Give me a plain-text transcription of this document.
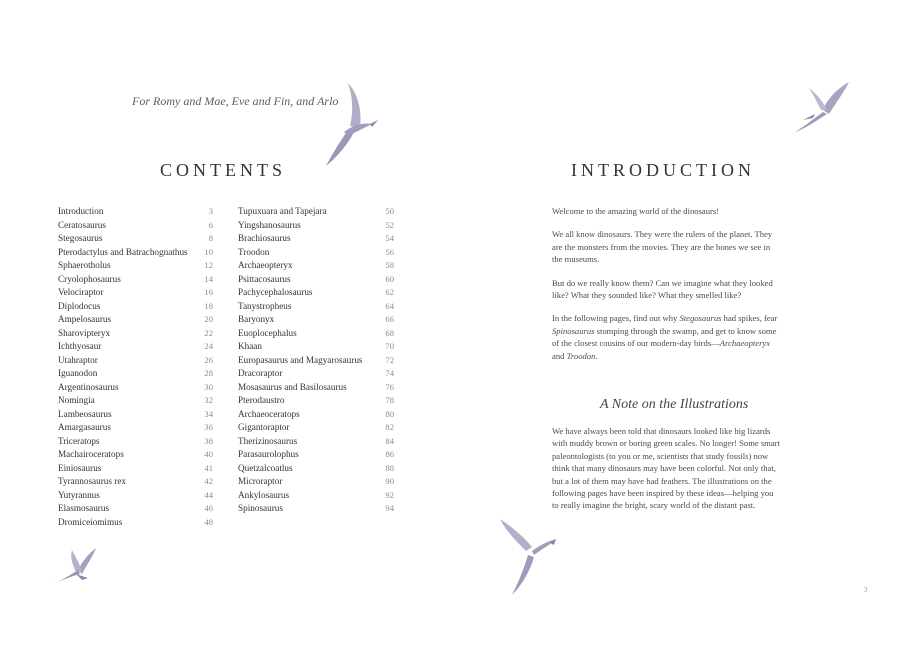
For Romy and Mae, Eve and Fin, and Arlo
CONTENTS
Introduction	3
Ceratosaurus	6
Stegosaurus	8
Pterodactylus and Batrachognathus 10
Sphaerotholus	12
Cryolophosaurus	14
Velociraptor	16
Diplodocus	18
Ampelosaurus	20
Sharovipteryx	22
Ichthyosaur	24
Utahraptor	26
Iguanodon	28
Argentinosaurus	30
Nomingia	32
Lambeosaurus	34
Amargasaurus	36
Triceratops	38
Machairoceratops	40
Einiosaurus	41
Tyrannosaurus rex	42
Yutyrannus	44
Elasmosaurus	46
Dromiceiomimus	48
Tupuxuara and Tapejara	50
Yingshanosaurus	52
Brachiosaurus	54
Troodon	56
Archaeopteryx	58
Psittacosaurus	60
Pachycephalosaurus	62
Tanystropheus	64
Baryonyx	66
Euoplocephalus	68
Khaan	70
Europasaurus and Magyarosaurus	72
Dracoraptor	74
Mosasaurus and Basilosaurus	76
Pterodaustro	78
Archaeoceratops	80
Gigantoraptor	82
Therizinosaurus	84
Parasaurolophus	86
Quetzalcoatlus	88
Microraptor	90
Ankylosaurus	92
Spinosaurus	94
INTRODUCTION

Welcome to the amazing world of the dinosaurs!

We all know dinosaurs. They were the rulers of the planet. They are the monsters from the movies. They are the bones we see in the museums.

But do we really know them? Can we imagine what they looked like? What they sounded like? What they smelled like?

In the following pages, find out why Stegosaurus had spikes, fear Spinosaurus stomping through the swamp, and get to know some of the closest cousins of our modern-day birds—Archaeopteryx and Troodon.

A Note on the Illustrations

We have always been told that dinosaurs looked like big lizards with muddy brown or boring green scales. No longer! Some smart paleontologists (to you or me, scientists that study fossils) now think that many dinosaurs may have been colorful. Not only that, but a lot of them may have had feathers. The illustrations on the following pages have been inspired by these ideas—helping you to really imagine the bright, scary world of the distant past.

3
